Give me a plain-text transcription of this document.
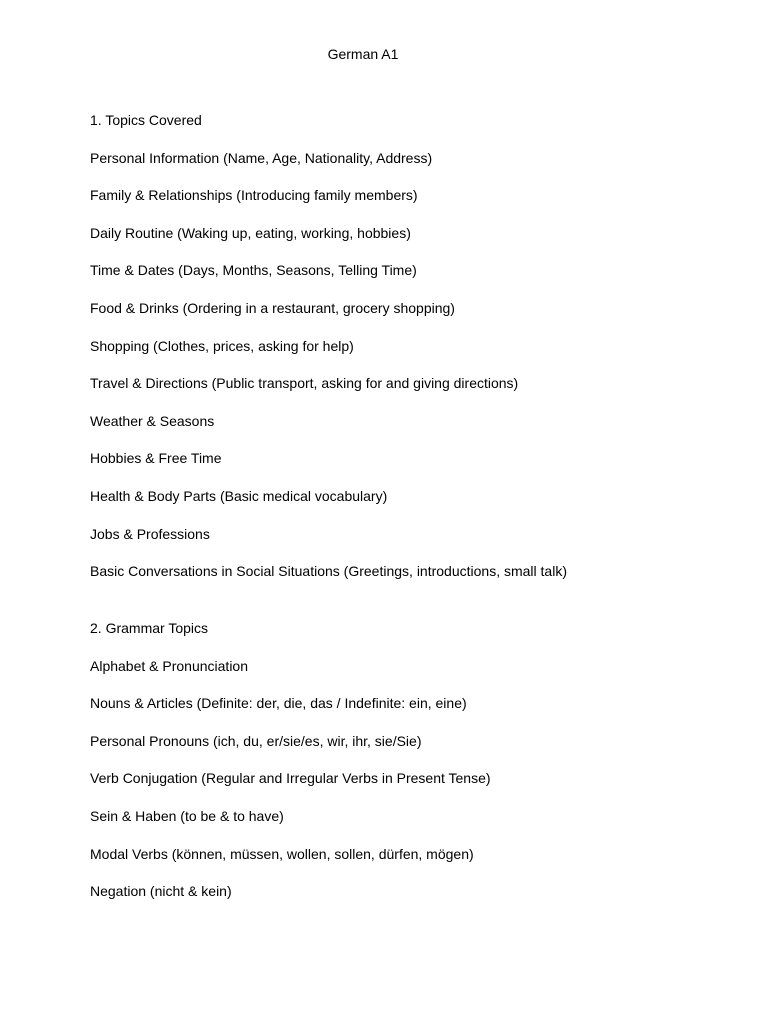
German A1
1. Topics Covered
Personal Information (Name, Age, Nationality, Address)
Family & Relationships (Introducing family members)
Daily Routine (Waking up, eating, working, hobbies)
Time & Dates (Days, Months, Seasons, Telling Time)
Food & Drinks (Ordering in a restaurant, grocery shopping)
Shopping (Clothes, prices, asking for help)
Travel & Directions (Public transport, asking for and giving directions)
Weather & Seasons
Hobbies & Free Time
Health & Body Parts (Basic medical vocabulary)
Jobs & Professions
Basic Conversations in Social Situations (Greetings, introductions, small talk)
2. Grammar Topics
Alphabet & Pronunciation
Nouns & Articles (Definite: der, die, das / Indefinite: ein, eine)
Personal Pronouns (ich, du, er/sie/es, wir, ihr, sie/Sie)
Verb Conjugation (Regular and Irregular Verbs in Present Tense)
Sein & Haben (to be & to have)
Modal Verbs (können, müssen, wollen, sollen, dürfen, mögen)
Negation (nicht & kein)
